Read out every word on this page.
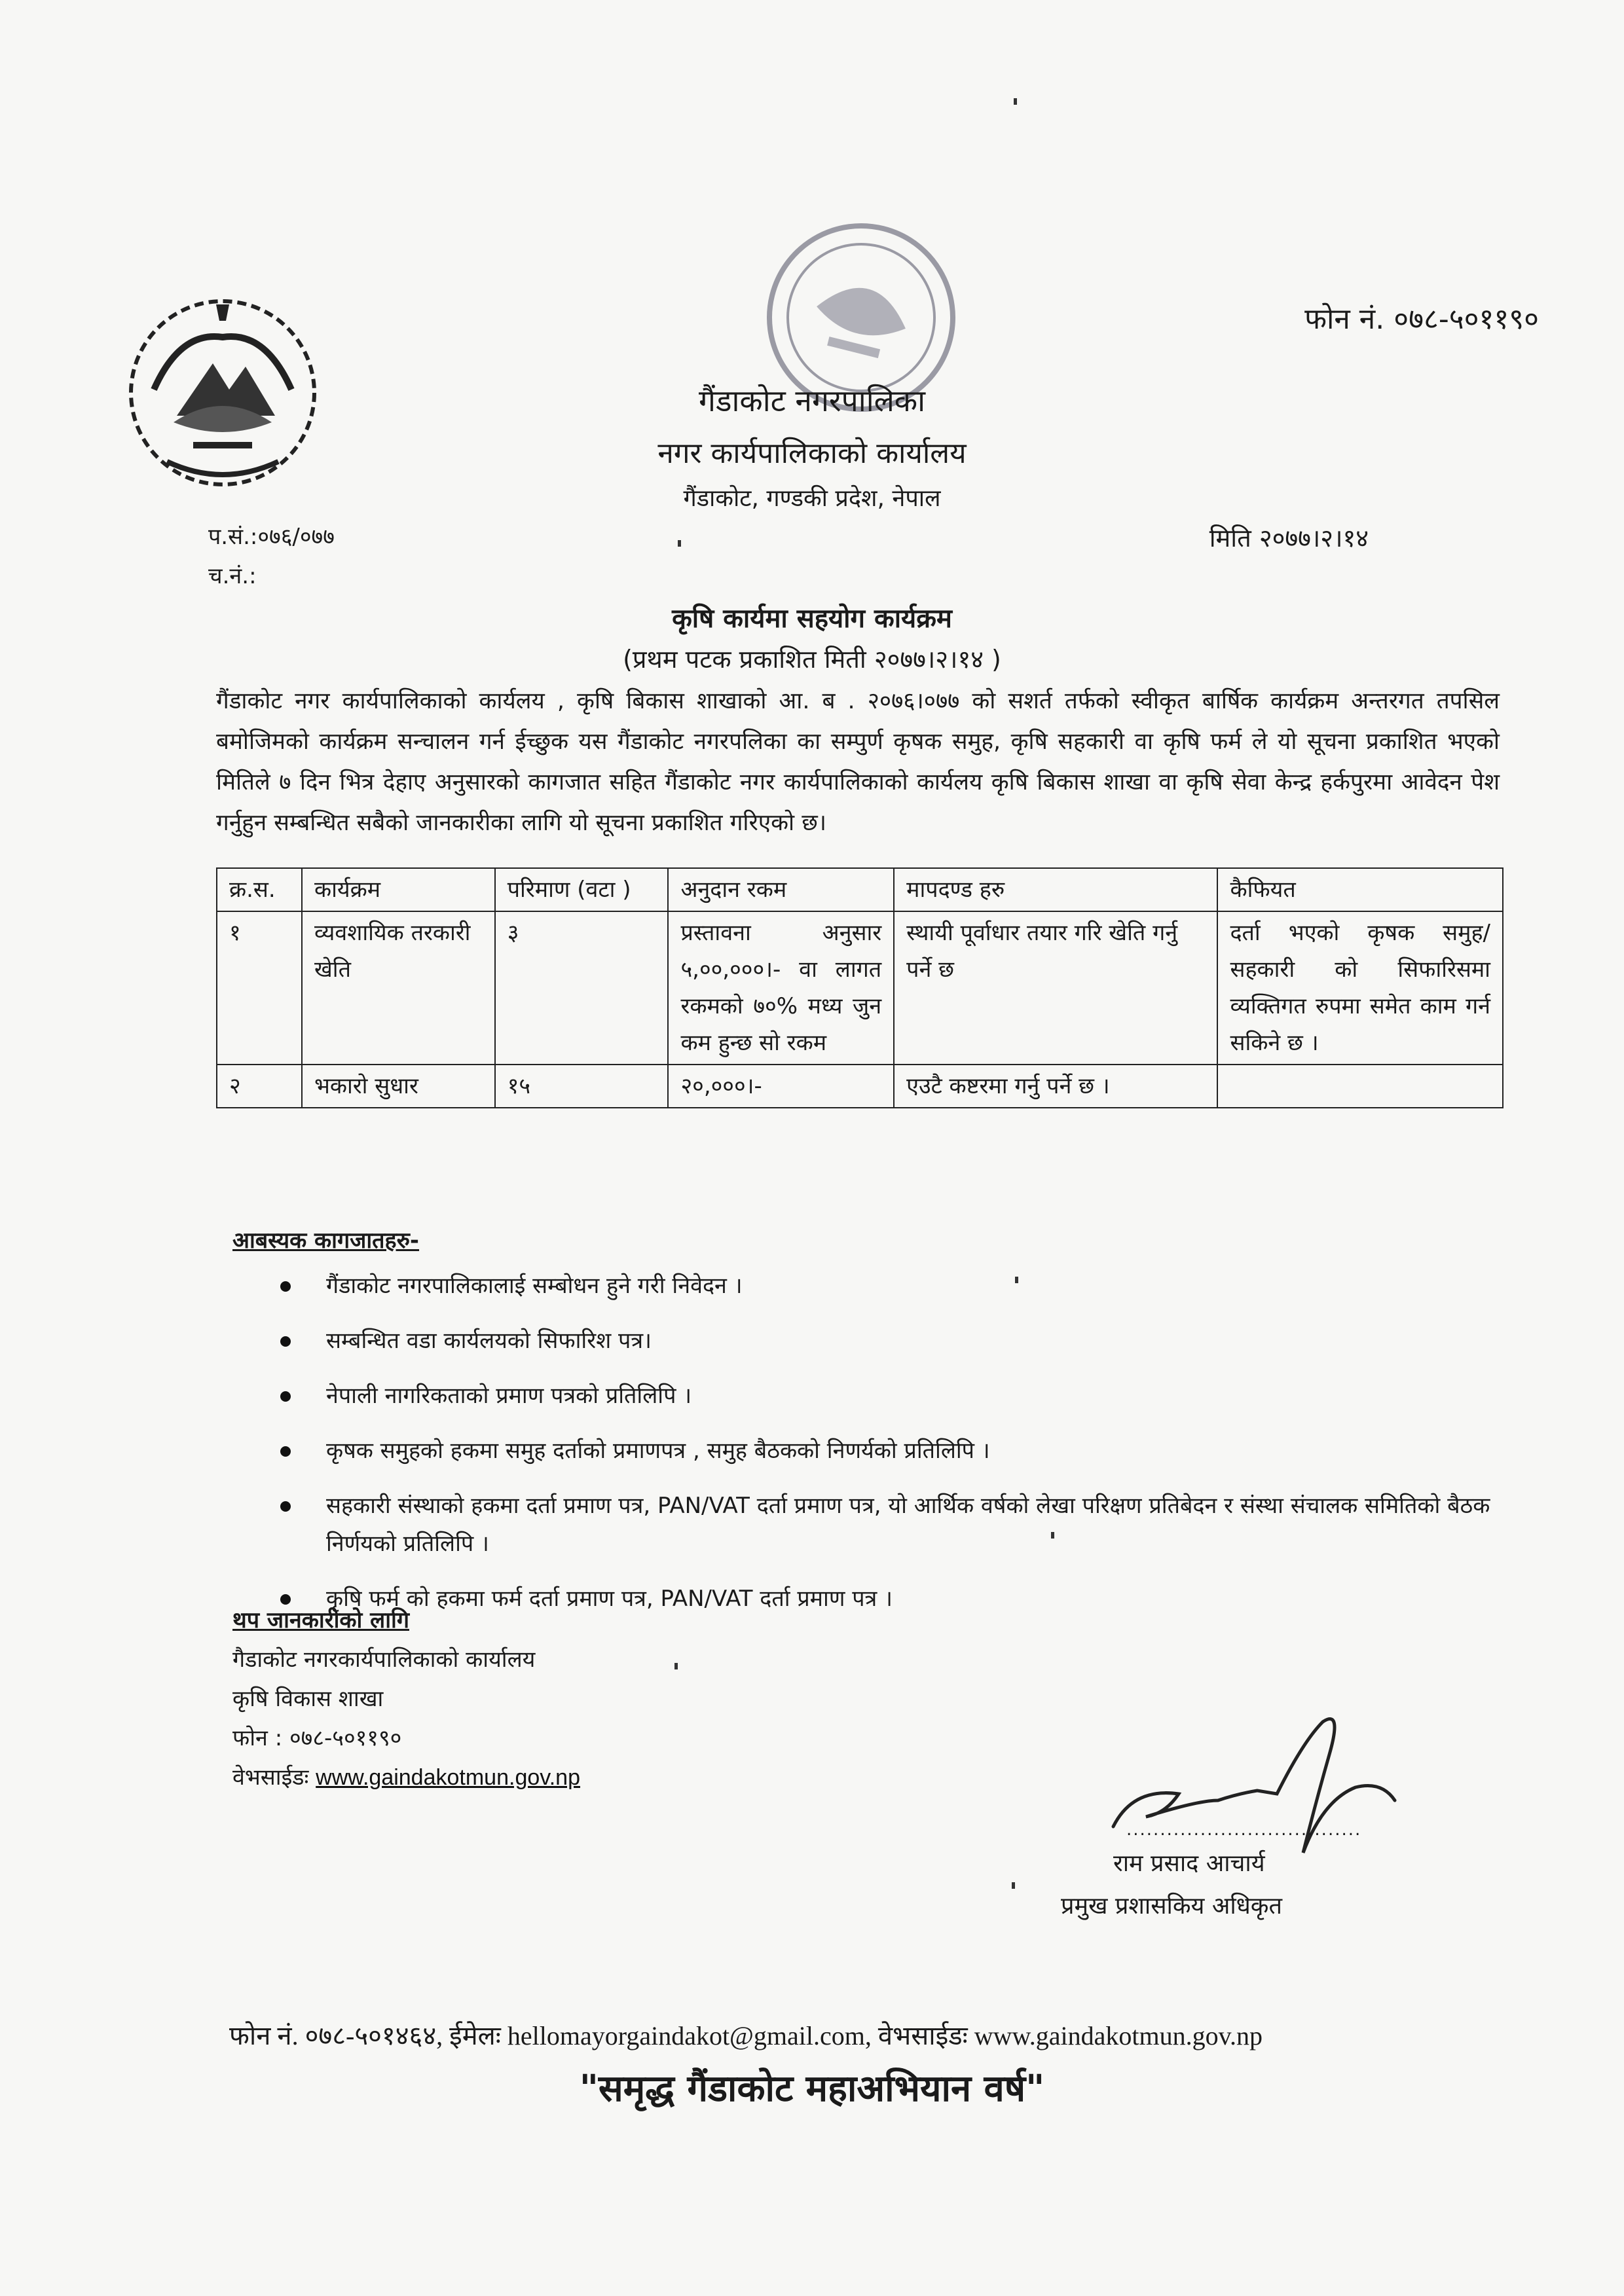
फोन नं. ०७८-५०११९०
गैंडाकोट नगरपालिका
नगर कार्यपालिकाको कार्यालय
गैंडाकोट, गण्डकी प्रदेश, नेपाल
प.सं.:०७६/०७७
च.नं.:
मिति २०७७।२।१४
कृषि कार्यमा सहयोग कार्यक्रम
(प्रथम पटक प्रकाशित मिती २०७७।२।१४ )
गैंडाकोट नगर कार्यपालिकाको कार्यलय , कृषि बिकास शाखाको आ. ब . २०७६।०७७ को सशर्त तर्फको स्वीकृत बार्षिक कार्यक्रम अन्तरगत तपसिल बमोजिमको कार्यक्रम सन्चालन गर्न ईच्छुक यस गैंडाकोट नगरपलिका का सम्पुर्ण कृषक समुह, कृषि सहकारी वा कृषि फर्म ले यो सूचना प्रकाशित भएको मितिले ७ दिन भित्र देहाए अनुसारको कागजात सहित गैंडाकोट नगर कार्यपालिकाको कार्यलय कृषि बिकास शाखा वा कृषि सेवा केन्द्र हर्कपुरमा आवेदन पेश गर्नुहुन सम्बन्धित सबैको जानकारीका लागि यो सूचना प्रकाशित गरिएको छ।
क्र.स.	कार्यक्रम	परिमाण (वटा )	अनुदान रकम	मापदण्ड हरु	कैफियत
१	व्यवशायिक तरकारी खेति	३	प्रस्तावना अनुसार ५,००,०००।- वा लागत रकमको ७०% मध्य जुन कम हुन्छ सो रकम	स्थायी पूर्वाधार तयार गरि खेति गर्नु पर्ने छ	दर्ता भएको कृषक समुह/सहकारी को सिफारिसमा व्यक्तिगत रुपमा समेत काम गर्न सकिने छ ।
२	भकारो सुधार	१५	२०,०००।-	एउटै कष्टरमा गर्नु पर्ने छ ।	
आबस्यक कागजातहरु-
गैंडाकोट नगरपालिकालाई सम्बोधन हुने गरी निवेदन ।
सम्बन्धित वडा कार्यलयको सिफारिश पत्र।
नेपाली नागरिकताको प्रमाण पत्रको प्रतिलिपि ।
कृषक समुहको हकमा समुह दर्ताको प्रमाणपत्र , समुह बैठकको निणर्यको प्रतिलिपि ।
सहकारी संस्थाको हकमा दर्ता प्रमाण पत्र, PAN/VAT दर्ता प्रमाण पत्र, यो आर्थिक वर्षको लेखा परिक्षण प्रतिबेदन र संस्था संचालक समितिको बैठक निर्णयको प्रतिलिपि ।
कृषि फर्म को हकमा फर्म दर्ता प्रमाण पत्र, PAN/VAT दर्ता प्रमाण पत्र ।
थप जानकारीको लागि
गैडाकोट नगरकार्यपालिकाको कार्यालय
कृषि विकास शाखा
फोन : ०७८-५०११९०
वेभसाईडः www.gaindakotmun.gov.np
...................................
राम प्रसाद आचार्य
प्रमुख प्रशासकिय अधिकृत
फोन नं. ०७८-५०१४६४, ईमेलः hellomayorgaindakot@gmail.com, वेभसाईडः www.gaindakotmun.gov.np
"समृद्ध गैंडाकोट महाअभियान वर्ष"
